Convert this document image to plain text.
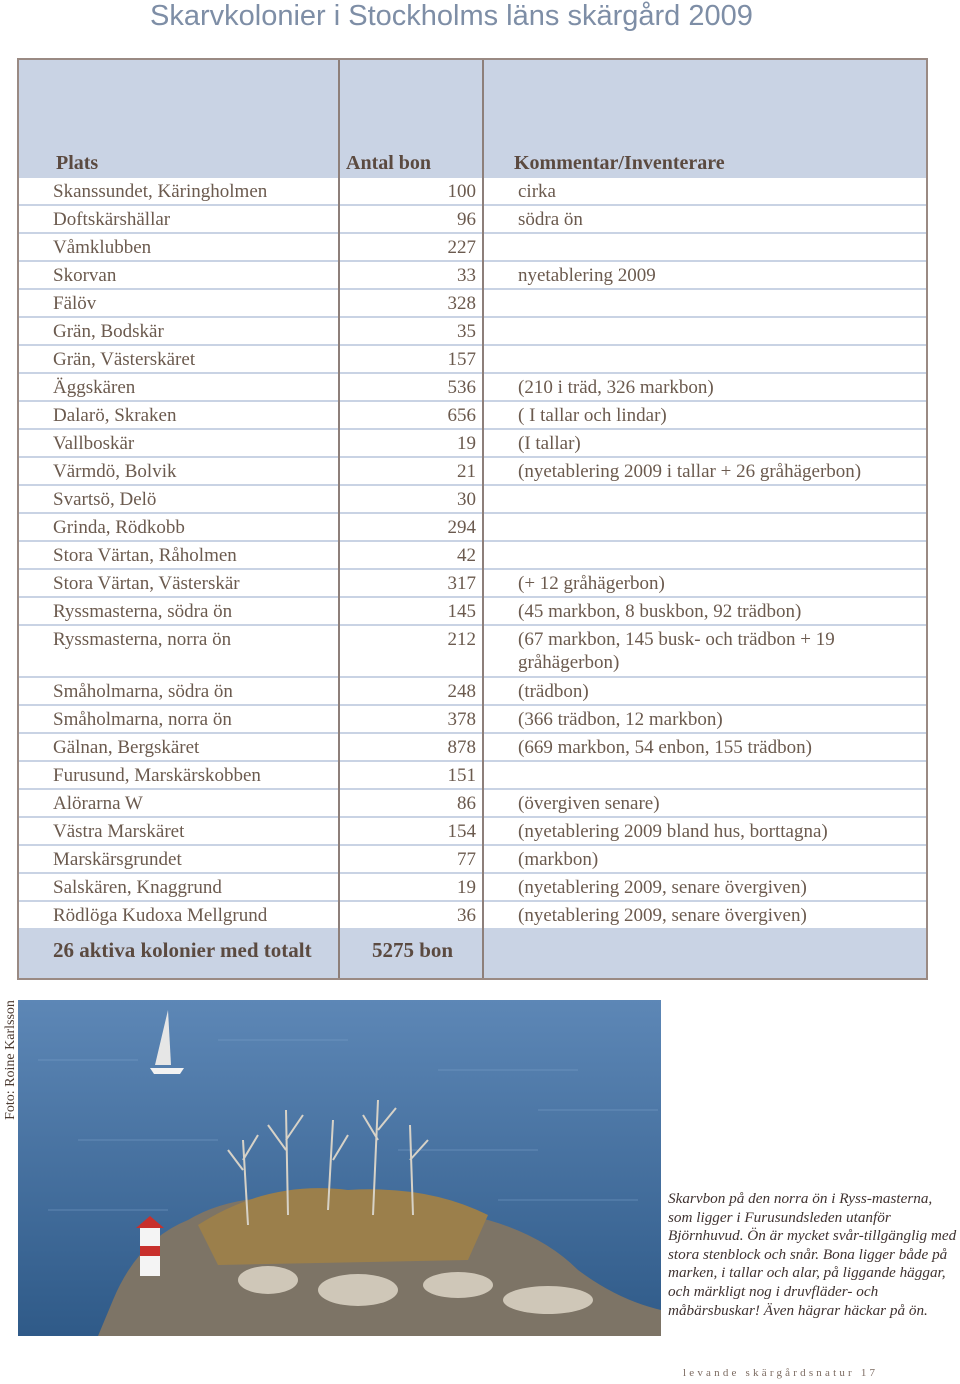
Skarvkolonier i Stockholms läns skärgård 2009
Plats	Antal bon	Kommentar/Inventerare
Skanssundet, Käringholmen	100 cirka
Doftskärshällar	96 södra ön
Våmklubben	227
Skorvan	33 nyetablering 2009
Fälöv	328
Grän, Bodskär	35
Grän, Västerskäret	157
Äggskären	536 (210 i träd, 326 markbon)
Dalarö, Skraken	656 ( I tallar och lindar)
Vallboskär	19 (I tallar)
Värmdö, Bolvik	21 (nyetablering 2009 i tallar + 26 gråhägerbon)
Svartsö, Delö	30
Grinda, Rödkobb	294
Stora Värtan, Råholmen	42
Stora Värtan, Västerskär	317 (+ 12 gråhägerbon)
Ryssmasterna, södra ön	145 (45 markbon, 8 buskbon, 92 trädbon)
Ryssmasterna, norra ön	212 (67 markbon, 145 busk- och trädbon + 19
gråhägerbon)
Småholmarna, södra ön	248 (trädbon)
Småholmarna, norra ön	378 (366 trädbon, 12 markbon)
Gälnan, Bergskäret	878 (669 markbon, 54 enbon, 155 trädbon)
Furusund, Marskärskobben	151
Alörarna W	86 (övergiven senare)
Västra Marskäret	154 (nyetablering 2009 bland hus, borttagna)
Marskärsgrundet	77 (markbon)
Salskären, Knaggrund	19 (nyetablering 2009, senare övergiven)
Rödlöga Kudoxa Mellgrund	36 (nyetablering 2009, senare övergiven)
26 aktiva kolonier med totalt	5275 bon
Foto: Roine Karlsson
Skarvbon på den norra ön i Ryss-masterna, som ligger i Furusundsleden utanför Björnhuvud. Ön är mycket svår-tillgänglig med stora stenblock och snår. Bona ligger både på marken, i tallar och alar, på liggande häggar, och märkligt nog i druvfläder- och måbärsbuskar! Även hägrar häckar på ön.
levande skärgårdsnatur 17
